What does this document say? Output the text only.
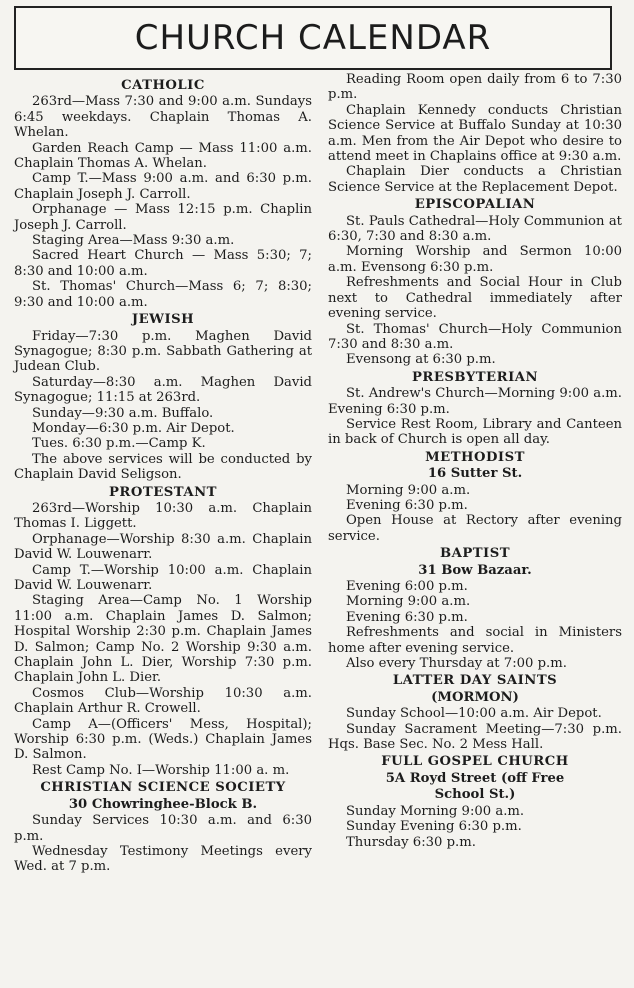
CHURCH CALENDAR
CATHOLIC
263rd—Mass 7:30 and 9:00 a.m. Sundays 6:45 weekdays. Chaplain Thomas A. Whelan.
Garden Reach Camp — Mass 11:00 a.m. Chaplain Thomas A. Whelan.
Camp T.—Mass 9:00 a.m. and 6:30 p.m. Chaplain Joseph J. Carroll.
Orphanage — Mass 12:15 p.m. Chaplin Joseph J. Carroll.
Staging Area—Mass 9:30 a.m.
Sacred Heart Church — Mass 5:30; 7; 8:30 and 10:00 a.m.
St. Thomas' Church—Mass 6; 7; 8:30; 9:30 and 10:00 a.m.
JEWISH
Friday—7:30 p.m. Maghen David Synagogue; 8:30 p.m. Sabbath Gathering at Judean Club.
Saturday—8:30 a.m. Maghen David Synagogue; 11:15 at 263rd.
Sunday—9:30 a.m. Buffalo.
Monday—6:30 p.m. Air Depot.
Tues. 6:30 p.m.—Camp K.
The above services will be conducted by Chaplain David Seligson.
PROTESTANT
263rd—Worship 10:30 a.m. Chaplain Thomas I. Liggett.
Orphanage—Worship 8:30 a.m. Chaplain David W. Louwenarr.
Camp T.—Worship 10:00 a.m. Chaplain David W. Louwenarr.
Staging Area—Camp No. 1 Worship 11:00 a.m. Chaplain James D. Salmon; Hospital Worship 2:30 p.m. Chaplain James D. Salmon; Camp No. 2 Worship 9:30 a.m. Chaplain John L. Dier, Worship 7:30 p.m. Chaplain John L. Dier.
Cosmos Club—Worship 10:30 a.m. Chaplain Arthur R. Crowell.
Camp A—(Officers' Mess, Hospital); Worship 6:30 p.m. (Weds.) Chaplain James D. Salmon.
Rest Camp No. I—Worship 11:00 a. m.
CHRISTIAN SCIENCE SOCIETY
30 Chowringhee-Block B.
Sunday Services 10:30 a.m. and 6:30 p.m.
Wednesday Testimony Meetings every Wed. at 7 p.m.
Reading Room open daily from 6 to 7:30 p.m.
Chaplain Kennedy conducts Christian Science Service at Buffalo Sunday at 10:30 a.m. Men from the Air Depot who desire to attend meet in Chaplains office at 9:30 a.m.
Chaplain Dier conducts a Christian Science Service at the Replacement Depot.
EPISCOPALIAN
St. Pauls Cathedral—Holy Communion at 6:30, 7:30 and 8:30 a.m.
Morning Worship and Sermon 10:00 a.m. Evensong 6:30 p.m.
Refreshments and Social Hour in Club next to Cathedral immediately after evening service.
St. Thomas' Church—Holy Communion 7:30 and 8:30 a.m.
Evensong at 6:30 p.m.
PRESBYTERIAN
St. Andrew's Church—Morning 9:00 a.m. Evening 6:30 p.m.
Service Rest Room, Library and Canteen in back of Church is open all day.
METHODIST
16 Sutter St.
Morning 9:00 a.m.
Evening 6:30 p.m.
Open House at Rectory after evening service.
BAPTIST
31 Bow Bazaar.
Evening 6:00 p.m.
Morning 9:00 a.m.
Evening 6:30 p.m.
Refreshments and social in Ministers home after evening service.
Also every Thursday at 7:00 p.m.
LATTER DAY SAINTS
(MORMON)
Sunday School—10:00 a.m. Air Depot.
Sunday Sacrament Meeting—7:30 p.m. Hqs. Base Sec. No. 2 Mess Hall.
FULL GOSPEL CHURCH
5A Royd Street (off Free
School St.)
Sunday Morning 9:00 a.m.
Sunday Evening 6:30 p.m.
Thursday 6:30 p.m.
